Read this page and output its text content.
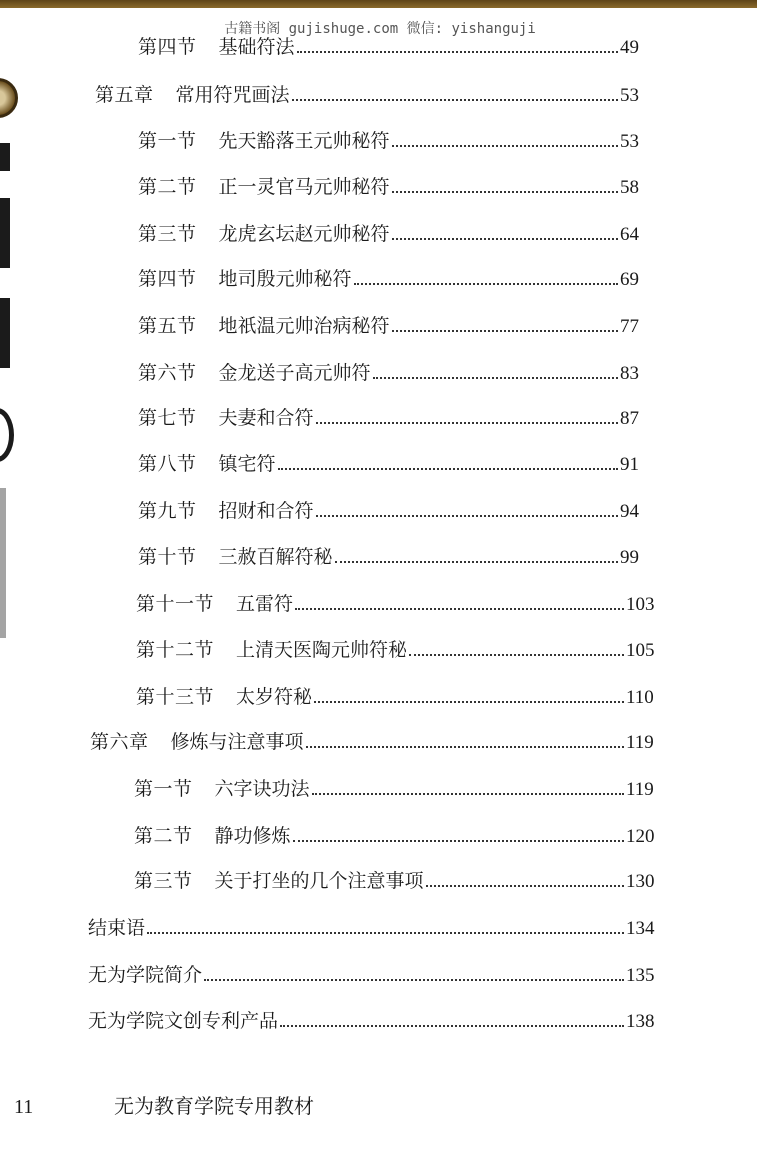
古籍书阁 gujishuge.com 微信: yishanguji
第四节 基础符法	49
第五章 常用符咒画法	53
第一节 先天豁落王元帅秘符	53
第二节 正一灵官马元帅秘符	58
第三节 龙虎玄坛赵元帅秘符	64
第四节 地司殷元帅秘符	69
第五节 地祇温元帅治病秘符	77
第六节 金龙送子高元帅符	83
第七节 夫妻和合符	87
第八节 镇宅符	91
第九节 招财和合符	94
第十节 三赦百解符秘	99
第十一节 五雷符	103
第十二节 上清天医陶元帅符秘	105
第十三节 太岁符秘	110
第六章 修炼与注意事项	119
第一节 六字诀功法	119
第二节 静功修炼	120
第三节 关于打坐的几个注意事项	130
结束语	134
无为学院简介	135
无为学院文创专利产品	138
11	无为教育学院专用教材
